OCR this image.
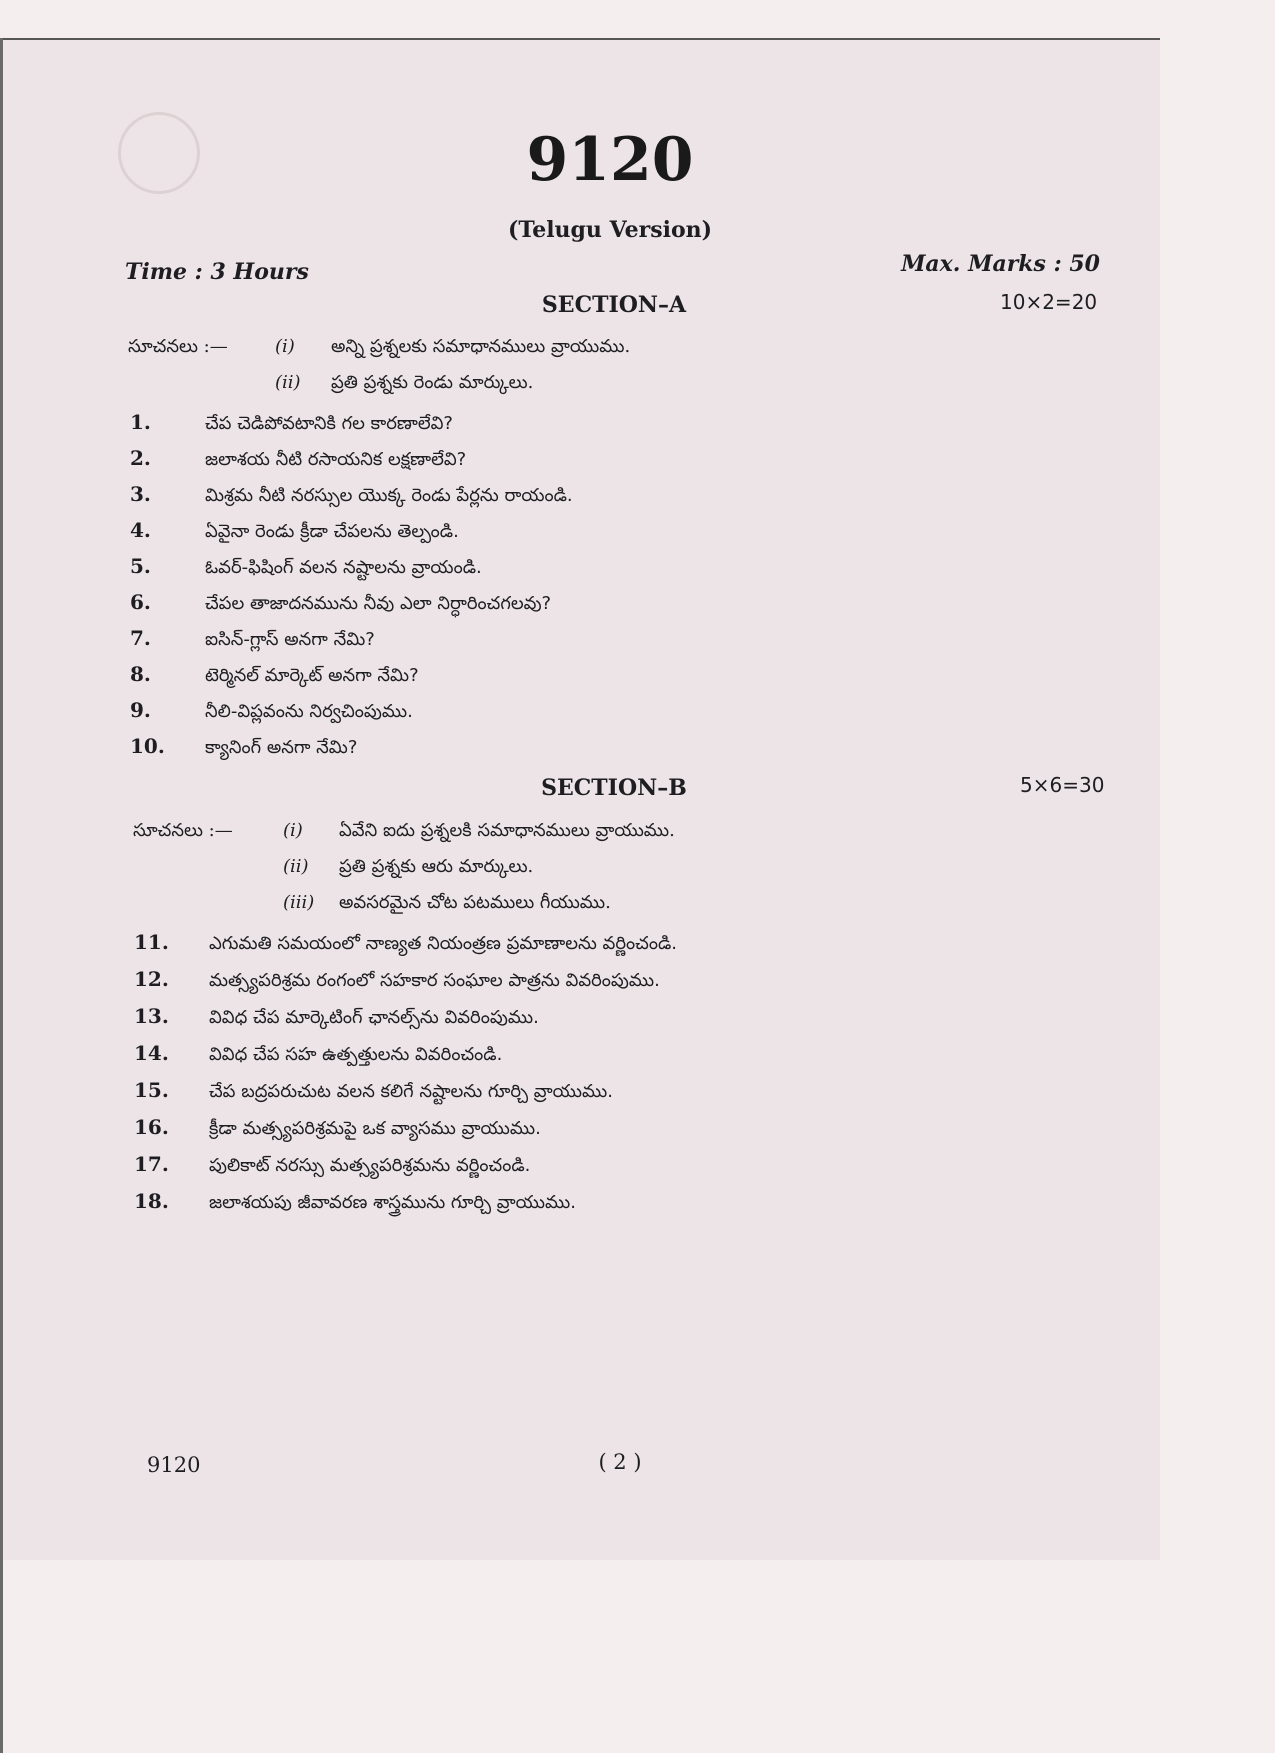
9120
(Telugu Version)
Time : 3 Hours	Max. Marks : 50
SECTION–A	10×2=20
సూచనలు :—	(i) అన్ని ప్రశ్నలకు సమాధానములు వ్రాయుము.
(ii) ప్రతి ప్రశ్నకు రెండు మార్కులు.
1.	చేప చెడిపోవటానికి గల కారణాలేవి?
2.	జలాశయ నీటి రసాయనిక లక్షణాలేవి?
3.	మిశ్రమ నీటి నరస్సుల యొక్క రెండు పేర్లను రాయండి.
4.	ఏవైనా రెండు క్రీడా చేపలను తెల్పండి.
5.	ఓవర్-ఫిషింగ్ వలన నష్టాలను వ్రాయండి.
6.	చేపల తాజాదనమును నీవు ఎలా నిర్ధారించగలవు?
7.	ఐసిన్-గ్లాస్ అనగా నేమి?
8.	టెర్మినల్ మార్కెట్ అనగా నేమి?
9.	నీలి-విప్లవంను నిర్వచింపుము.
10. క్యానింగ్ అనగా నేమి?
SECTION–B	5×6=30
సూచనలు :—	(i) ఏవేని ఐదు ప్రశ్నలకి సమాధానములు వ్రాయుము.
(ii) ప్రతి ప్రశ్నకు ఆరు మార్కులు.
(iii) అవసరమైన చోట పటములు గీయుము.
11. ఎగుమతి సమయంలో నాణ్యత నియంత్రణ ప్రమాణాలను వర్ణించండి.
12. మత్స్యపరిశ్రమ రంగంలో సహకార సంఘాల పాత్రను వివరింపుము.
13. వివిధ చేప మార్కెటింగ్ ఛానల్స్‌ను వివరింపుము.
14. వివిధ చేప సహ ఉత్పత్తులను వివరించండి.
15. చేప బద్రపరుచుట వలన కలిగే నష్టాలను గూర్చి వ్రాయుము.
16. క్రీడా మత్స్యపరిశ్రమపై ఒక వ్యాసము వ్రాయుము.
17. పులికాట్ నరస్సు మత్స్యపరిశ్రమను వర్ణించండి.
18. జలాశయపు జీవావరణ శాస్త్రమును గూర్చి వ్రాయుము.
9120	( 2 )
